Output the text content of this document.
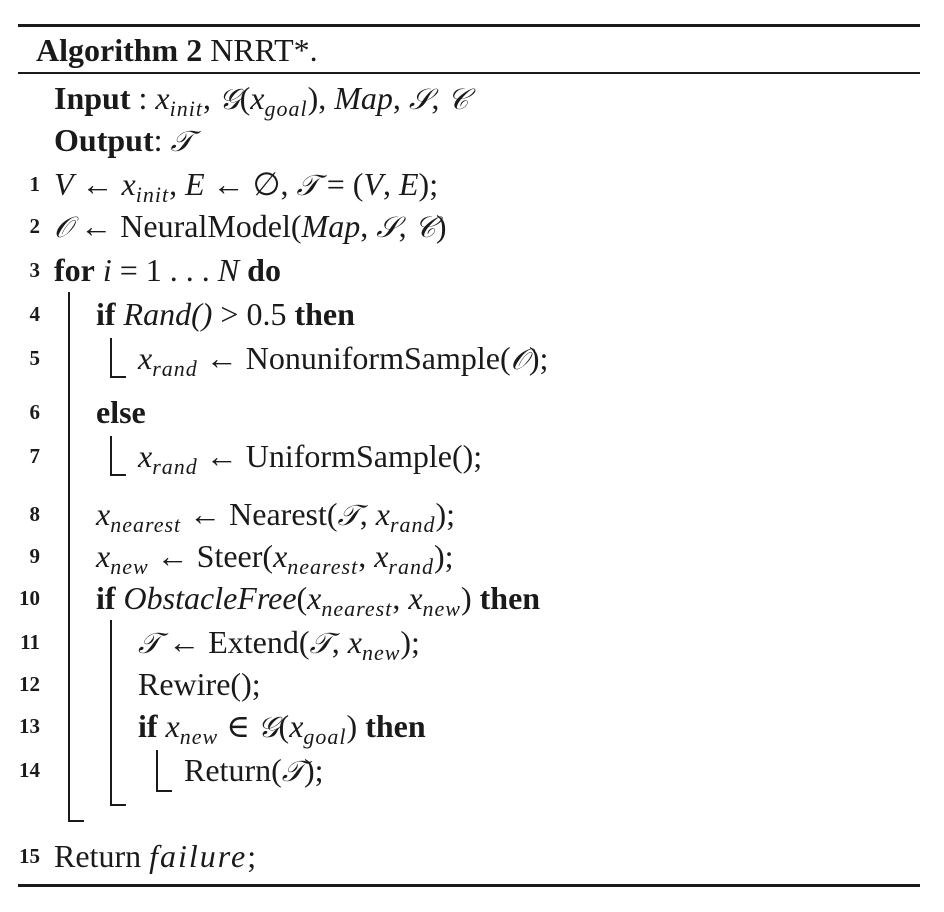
Algorithm 2 NRRT*.
Input : $x_{init}$, $𝒢(x_{goal})$, Map, 𝒮, 𝒞
Output: 𝒯
1 V ← $x_{init}$, E ← ∅, 𝒯 = (V, E);
2 𝒪 ← NeuralModel(Map, 𝒮, 𝒞)
3 for i = 1 . . . N do
4 if Rand() > 0.5 then
5	$x_{rand}$ ← NonuniformSample(𝒪);
6 else
7	$x_{rand}$ ← UniformSample();
8 $x_{nearest}$ ← Nearest(𝒯, $x_{rand}$);
9 $x_{new}$ ← $Steer(x_{nearest}$, $x_{rand}$);
10 if $ObstacleFree(x_{nearest}$, $x_{new}$) then
11	𝒯 ← Extend(𝒯, $x_{new}$);
12	Rewire();
13	if $x_{new}$ ∈ $𝒢(x_{goal})$ then
14	Return(𝒯);
15 Return failure;
